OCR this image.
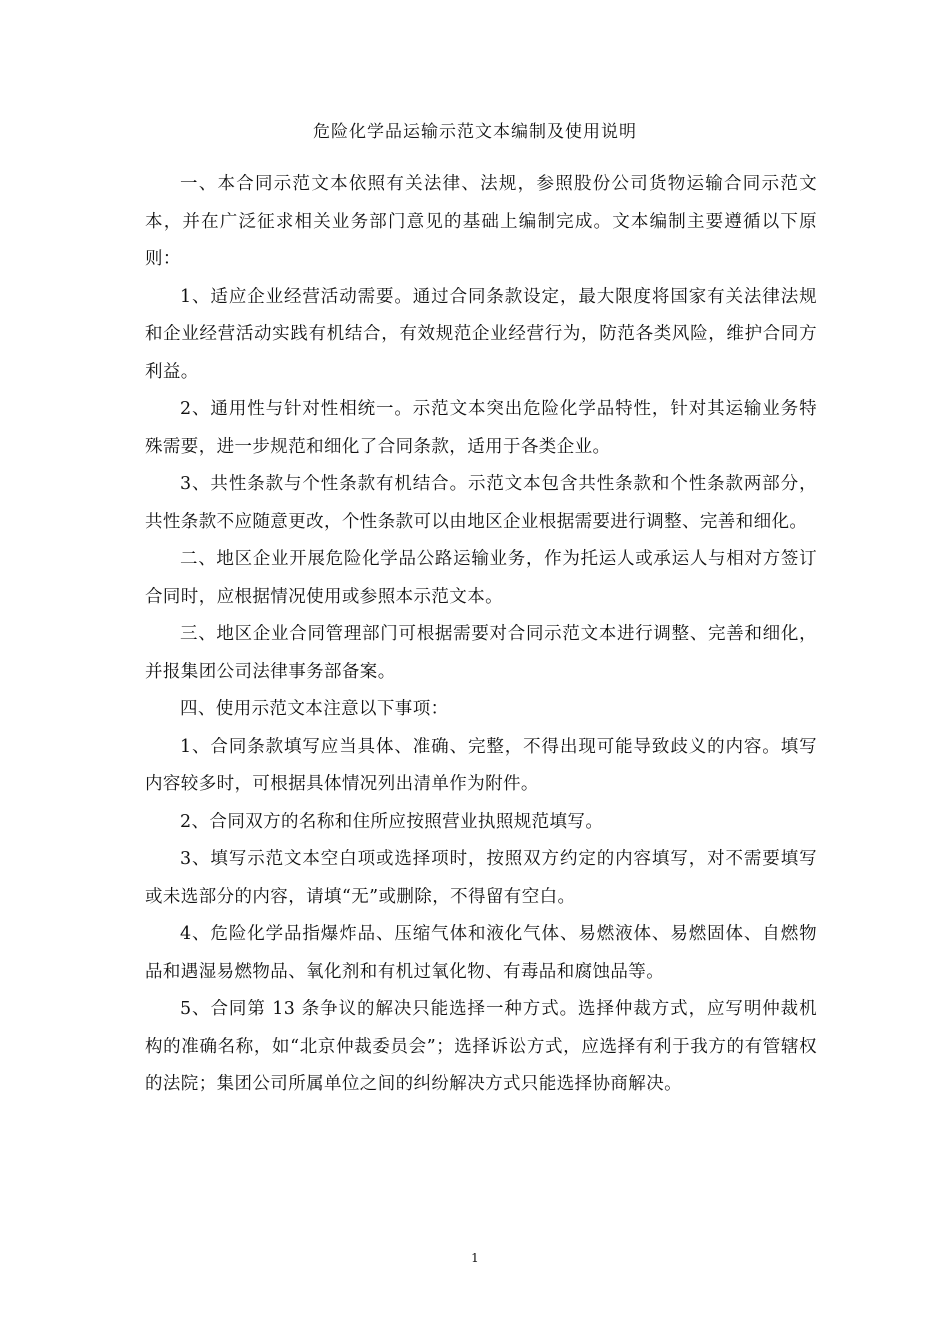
危险化学品运输示范文本编制及使用说明

一、本合同示范文本依照有关法律、法规，参照股份公司货物运输合同示范文本，并在广泛征求相关业务部门意见的基础上编制完成。文本编制主要遵循以下原则：

1、适应企业经营活动需要。通过合同条款设定，最大限度将国家有关法律法规和企业经营活动实践有机结合，有效规范企业经营行为，防范各类风险，维护合同方利益。

2、通用性与针对性相统一。示范文本突出危险化学品特性，针对其运输业务特殊需要，进一步规范和细化了合同条款，适用于各类企业。

3、共性条款与个性条款有机结合。示范文本包含共性条款和个性条款两部分，共性条款不应随意更改，个性条款可以由地区企业根据需要进行调整、完善和细化。

二、地区企业开展危险化学品公路运输业务，作为托运人或承运人与相对方签订合同时，应根据情况使用或参照本示范文本。

三、地区企业合同管理部门可根据需要对合同示范文本进行调整、完善和细化，并报集团公司法律事务部备案。

四、使用示范文本注意以下事项：

1、合同条款填写应当具体、准确、完整，不得出现可能导致歧义的内容。填写内容较多时，可根据具体情况列出清单作为附件。

2、合同双方的名称和住所应按照营业执照规范填写。

3、填写示范文本空白项或选择项时，按照双方约定的内容填写，对不需要填写或未选部分的内容，请填“无”或删除，不得留有空白。

4、危险化学品指爆炸品、压缩气体和液化气体、易燃液体、易燃固体、自燃物品和遇湿易燃物品、氧化剂和有机过氧化物、有毒品和腐蚀品等。

5、合同第 13 条争议的解决只能选择一种方式。选择仲裁方式，应写明仲裁机构的准确名称，如“北京仲裁委员会”；选择诉讼方式，应选择有利于我方的有管辖权的法院；集团公司所属单位之间的纠纷解决方式只能选择协商解决。

1
